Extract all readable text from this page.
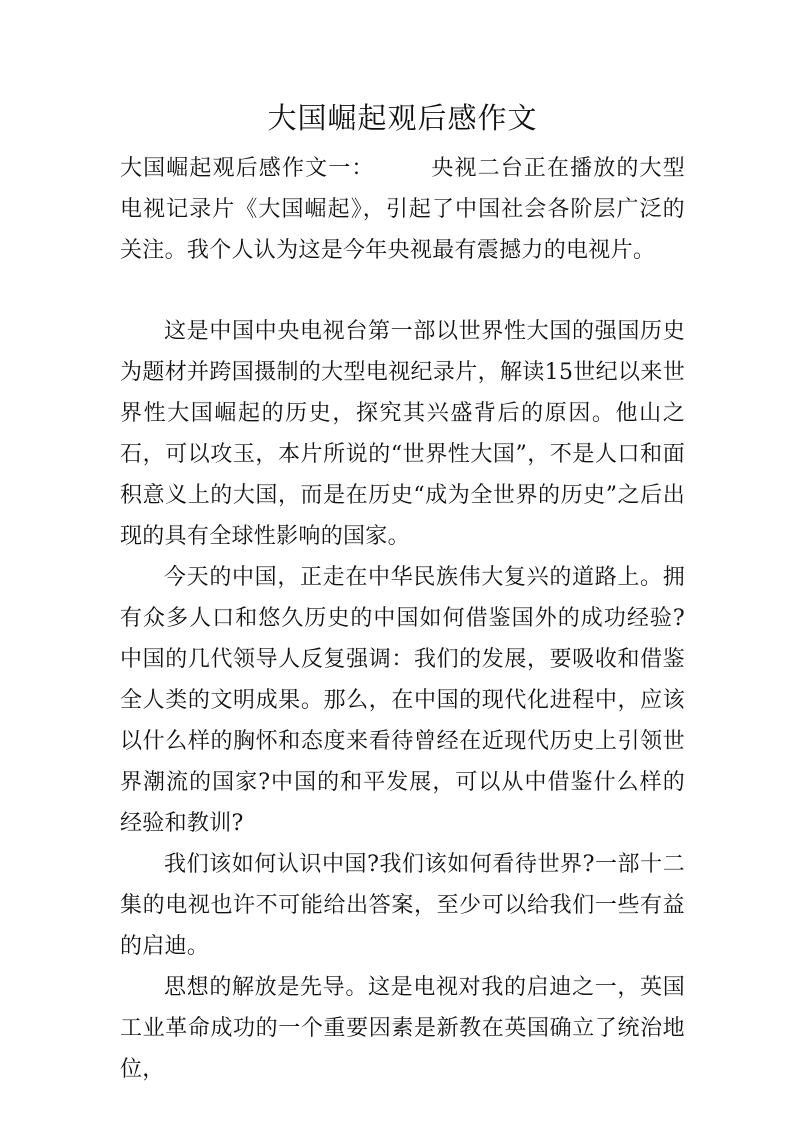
大国崛起观后感作文

大国崛起观后感作文一：	央视二台正在播放的大型电视记录片《大国崛起》，引起了中国社会各阶层广泛的关注。我个人认为这是今年央视最有震撼力的电视片。

这是中国中央电视台第一部以世界性大国的强国历史为题材并跨国摄制的大型电视纪录片，解读15世纪以来世界性大国崛起的历史，探究其兴盛背后的原因。他山之石，可以攻玉，本片所说的“世界性大国”，不是人口和面积意义上的大国，而是在历史“成为全世界的历史”之后出现的具有全球性影响的国家。

今天的中国，正走在中华民族伟大复兴的道路上。拥有众多人口和悠久历史的中国如何借鉴国外的成功经验?中国的几代领导人反复强调：我们的发展，要吸收和借鉴全人类的文明成果。那么，在中国的现代化进程中，应该以什么样的胸怀和态度来看待曾经在近现代历史上引领世界潮流的国家?中国的和平发展，可以从中借鉴什么样的经验和教训?

我们该如何认识中国?我们该如何看待世界?一部十二集的电视也许不可能给出答案，至少可以给我们一些有益的启迪。

思想的解放是先导。这是电视对我的启迪之一，英国工业革命成功的一个重要因素是新教在英国确立了统治地位，
